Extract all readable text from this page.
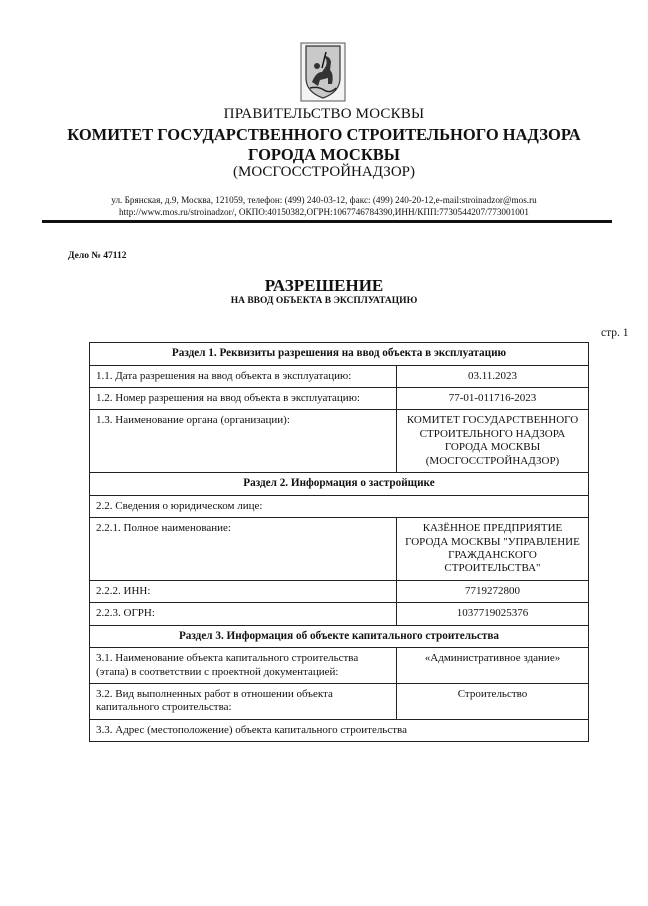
ПРАВИТЕЛЬСТВО МОСКВЫ
КОМИТЕТ ГОСУДАРСТВЕННОГО СТРОИТЕЛЬНОГО НАДЗОРА
ГОРОДА МОСКВЫ
(МОСГОССТРОЙНАДЗОР)
ул. Брянская, д.9, Москва, 121059, телефон: (499) 240-03-12, факс: (499) 240-20-12,e-mail:stroinadzor@mos.ru
http://www.mos.ru/stroinadzor/, ОКПО:40150382,ОГРН:1067746784390,ИНН/КПП:7730544207/773001001
Дело № 47112
РАЗРЕШЕНИЕ
НА ВВОД ОБЪЕКТА В ЭКСПЛУАТАЦИЮ
стр. 1
Раздел 1. Реквизиты разрешения на ввод объекта в эксплуатацию	
1.1. Дата разрешения на ввод объекта в эксплуатацию:	03.11.2023
1.2. Номер разрешения на ввод объекта в эксплуатацию:	77-01-011716-2023
1.3. Наименование органа (организации):	КОМИТЕТ ГОСУДАРСТВЕННОГО СТРОИТЕЛЬНОГО НАДЗОРА ГОРОДА МОСКВЫ (МОСГОССТРОЙНАДЗОР)
Раздел 2. Информация о застройщике	
2.2. Сведения о юридическом лице:	
2.2.1. Полное наименование:	КАЗЁННОЕ ПРЕДПРИЯТИЕ ГОРОДА МОСКВЫ "УПРАВЛЕНИЕ ГРАЖДАНСКОГО СТРОИТЕЛЬСТВА"
2.2.2. ИНН:	7719272800
2.2.3. ОГРН:	1037719025376
Раздел 3. Информация об объекте капитального строительства	
3.1. Наименование объекта капитального строительства (этапа) в соответствии с проектной документацией:	«Административное здание»
3.2. Вид выполненных работ в отношении объекта капитального строительства:	Строительство
3.3. Адрес (местоположение) объекта капитального строительства	
